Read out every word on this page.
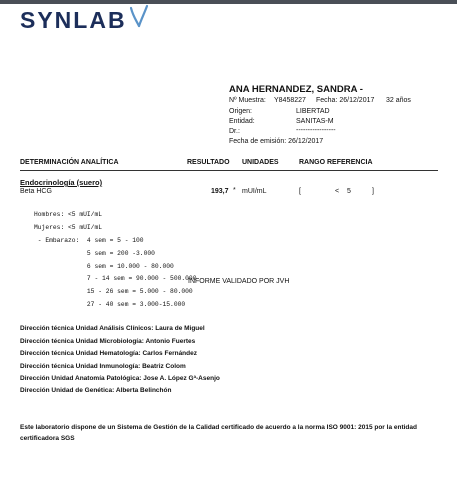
SYNLAB
ANA HERNANDEZ, SANDRA -
Nº Muestra: Y8458227 Fecha: 26/12/2017 32 años
Origen:	LIBERTAD
Entidad:	SANITAS-M
Dr.:	-----------------
Fecha de emisión: 26/12/2017
DETERMINACIÓN ANALÍTICA	RESULTADO UNIDADES	RANGO REFERENCIA
Endocrinología (suero)
Beta HCG	193,7 * mUI/mL	[	< 5	]

Hombres: <5 mUI/mL

Mujeres: <5 mUI/mL

- Embarazo:  4 sem = 5 - 100

5 sem = 200 -3.000

6 sem = 10.000 - 80.000

7 - 14 sem = 90.000 - 500.000

15 - 26 sem = 5.000 - 80.000

27 - 40 sem = 3.000-15.000

INFORME VALIDADO POR JVH
Dirección técnica Unidad Análisis Clínicos: Laura de Miguel
Dirección técnica Unidad Microbiología: Antonio Fuertes
Dirección técnica Unidad Hematología: Carlos Fernández
Dirección técnica Unidad Inmunología: Beatriz Colom
Dirección Unidad Anatomía Patológica: Jose A. López Gª-Asenjo
Dirección Unidad de Genética: Alberta Belinchón
Este laboratorio dispone de un Sistema de Gestión de la Calidad certificado de acuerdo a la norma ISO 9001: 2015 por la entidad certificadora SGS
